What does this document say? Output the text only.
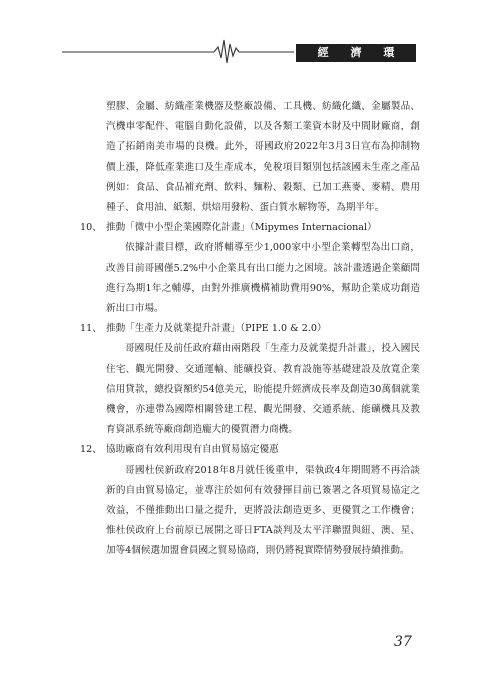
經 濟 環 境

塑膠、金屬、紡織產業機器及整廠設備、工具機、紡織化纖、金屬製品、汽機車零配件、電腦自動化設備，以及各類工業資本財及中間財廠商，創造了拓銷南美市場的良機。此外，哥國政府2022年3月3日宣布為抑制物價上漲，降低產業進口及生產成本，免稅項目類別包括該國未生產之產品例如：食品、食品補充劑、飲料、麵粉、穀類、已加工燕麥、麥精、農用種子、食用油、紙類、烘焙用發粉、蛋白質水解物等，為期半年。

10、 推動「微中小型企業國際化計畫」（Mipymes Internacional）

依據計畫目標，政府將輔導至少1,000家中小型企業轉型為出口商，改善目前哥國僅5.2%中小企業具有出口能力之困境。該計畫透過企業顧問進行為期1年之輔導，由對外推廣機構補助費用90%，幫助企業成功創造新出口市場。

11、 推動「生產力及就業提升計畫」（PIPE 1.0 & 2.0）

哥國現任及前任政府藉由兩階段「生產力及就業提升計畫」，投入國民住宅、觀光開發、交通運輸、能礦投資、教育設施等基礎建設及放寬企業信用貸款，總投資額約54億美元，盼能提升經濟成長率及創造30萬個就業機會，亦連帶為國際相關營建工程、觀光開發、交通系統、能礦機具及教育資訊系統等廠商創造龐大的優質潛力商機。

12、 協助廠商有效利用現有自由貿易協定優惠

哥國杜侯新政府2018年8月就任後重申，渠執政4年期間將不再洽談新的自由貿易協定，並專注於如何有效發揮目前已簽署之各項貿易協定之效益，不僅推動出口量之提升，更將設法創造更多、更優質之工作機會；惟杜侯政府上台前原已展開之哥日FTA談判及太平洋聯盟與紐、澳、星、加等4個候選加盟會員國之貿易協商，則仍將視實際情勢發展持續推動。

37
